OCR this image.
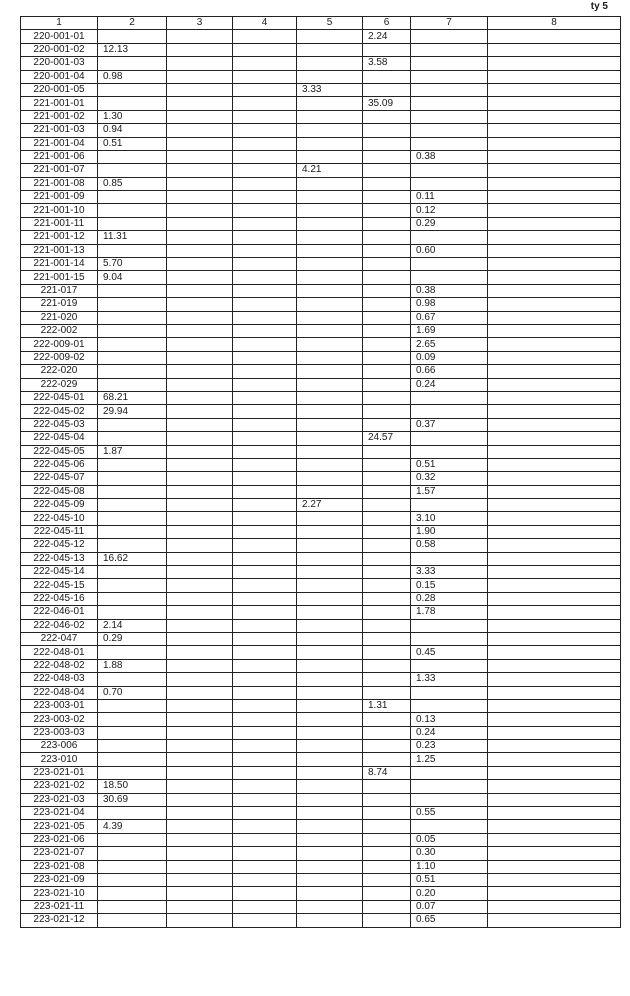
ty 5
1	2	3	4	5	6	7	8
220-001-01					2.24		
220-001-02	12.13						
220-001-03					3.58		
220-001-04	0.98						
220-001-05				3.33			
221-001-01					35.09		
221-001-02	1.30						
221-001-03	0.94						
221-001-04	0.51						
221-001-06						0.38	
221-001-07				4.21			
221-001-08	0.85						
221-001-09						0.11	
221-001-10						0.12	
221-001-11						0.29	
221-001-12	11.31						
221-001-13						0.60	
221-001-14	5.70						
221-001-15	9.04						
221-017						0.38	
221-019						0.98	
221-020						0.67	
222-002						1.69	
222-009-01						2.65	
222-009-02						0.09	
222-020						0.66	
222-029						0.24	
222-045-01	68.21						
222-045-02	29.94						
222-045-03						0.37	
222-045-04					24.57		
222-045-05	1.87						
222-045-06						0.51	
222-045-07						0.32	
222-045-08						1.57	
222-045-09				2.27			
222-045-10						3.10	
222-045-11						1.90	
222-045-12						0.58	
222-045-13	16.62						
222-045-14						3.33	
222-045-15						0.15	
222-045-16						0.28	
222-046-01						1.78	
222-046-02	2.14						
222-047	0.29						
222-048-01						0.45	
222-048-02	1.88						
222-048-03						1.33	
222-048-04	0.70						
223-003-01					1.31		
223-003-02						0.13	
223-003-03						0.24	
223-006						0.23	
223-010						1.25	
223-021-01					8.74		
223-021-02	18.50						
223-021-03	30.69						
223-021-04						0.55	
223-021-05	4.39						
223-021-06						0.05	
223-021-07						0.30	
223-021-08						1.10	
223-021-09						0.51	
223-021-10						0.20	
223-021-11						0.07	
223-021-12						0.65	
